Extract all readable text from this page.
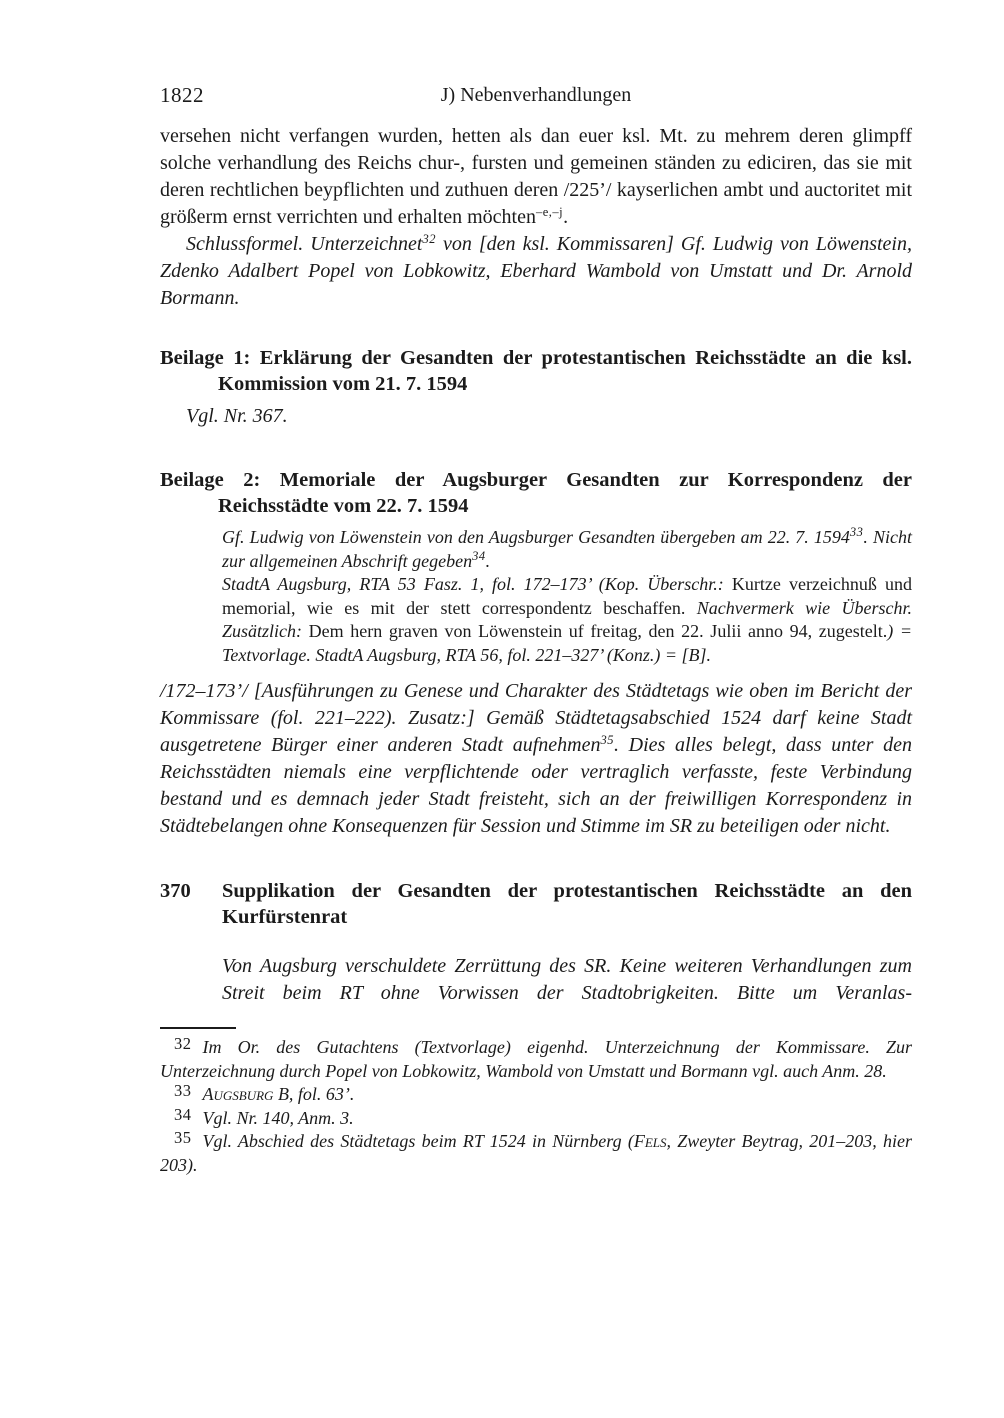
1822	J) Nebenverhandlungen

versehen nicht verfangen wurden, hetten als dan euer ksl. Mt. zu mehrem deren glimpff solche verhandlung des Reichs chur-, fursten und gemeinen ständen zu ediciren, das sie mit deren rechtlichen beypflichten und zuthuen deren /225’/ kayserlichen ambt und auctoritet mit größerm ernst verrichten und erhalten möchten$^{-e,-j}$.

Schlussformel. Unterzeichnet$^{32}$ von [den ksl. Kommissaren] Gf. Ludwig von Löwenstein, Zdenko Adalbert Popel von Lobkowitz, Eberhard Wambold von Umstatt und Dr. Arnold Bormann.

Beilage 1: Erklärung der Gesandten der protestantischen Reichsstädte an die ksl. Kommission vom 21. 7. 1594

Vgl. Nr. 367.

Beilage 2: Memoriale der Augsburger Gesandten zur Korrespondenz der Reichsstädte vom 22. 7. 1594

Gf. Ludwig von Löwenstein von den Augsburger Gesandten übergeben am 22. 7. 1594$^{33}$. Nicht zur allgemeinen Abschrift gegeben$^{34}$.

StadtA Augsburg, RTA 53 Fasz. 1, fol. 172–173’ (Kop. Überschr.: Kurtze verzeichnuß und memorial, wie es mit der stett correspondentz beschaffen. Nachvermerk wie Überschr. Zusätzlich: Dem hern graven von Löwenstein uf freitag, den 22. Julii anno 94, zugestelt.) = Textvorlage. StadtA Augsburg, RTA 56, fol. 221–327’ (Konz.) = [B].

/172–173’/ [Ausführungen zu Genese und Charakter des Städtetags wie oben im Bericht der Kommissare (fol. 221–222). Zusatz:] Gemäß Städtetagsabschied 1524 darf keine Stadt ausgetretene Bürger einer anderen Stadt aufnehmen$^{35}$. Dies alles belegt, dass unter den Reichsstädten niemals eine verpflichtende oder vertraglich verfasste, feste Verbindung bestand und es demnach jeder Stadt freisteht, sich an der freiwilligen Korrespondenz in Städtebelangen ohne Konsequenzen für Session und Stimme im SR zu beteiligen oder nicht.

370 Supplikation der Gesandten der protestantischen Reichsstädte an den Kurfürstenrat

Von Augsburg verschuldete Zerrüttung des SR. Keine weiteren Verhandlungen zum Streit beim RT ohne Vorwissen der Stadtobrigkeiten. Bitte um Veranlas-

$^{32}$ Im Or. des Gutachtens (Textvorlage) eigenhd. Unterzeichnung der Kommissare. Zur Unterzeichnung durch Popel von Lobkowitz, Wambold von Umstatt und Bormann vgl. auch Anm. 28.

$^{33}$ Augsburg B, fol. 63’.

$^{34}$ Vgl. Nr. 140, Anm. 3.

$^{35}$ Vgl. Abschied des Städtetags beim RT 1524 in Nürnberg (Fels, Zweyter Beytrag, 201–203, hier 203).
